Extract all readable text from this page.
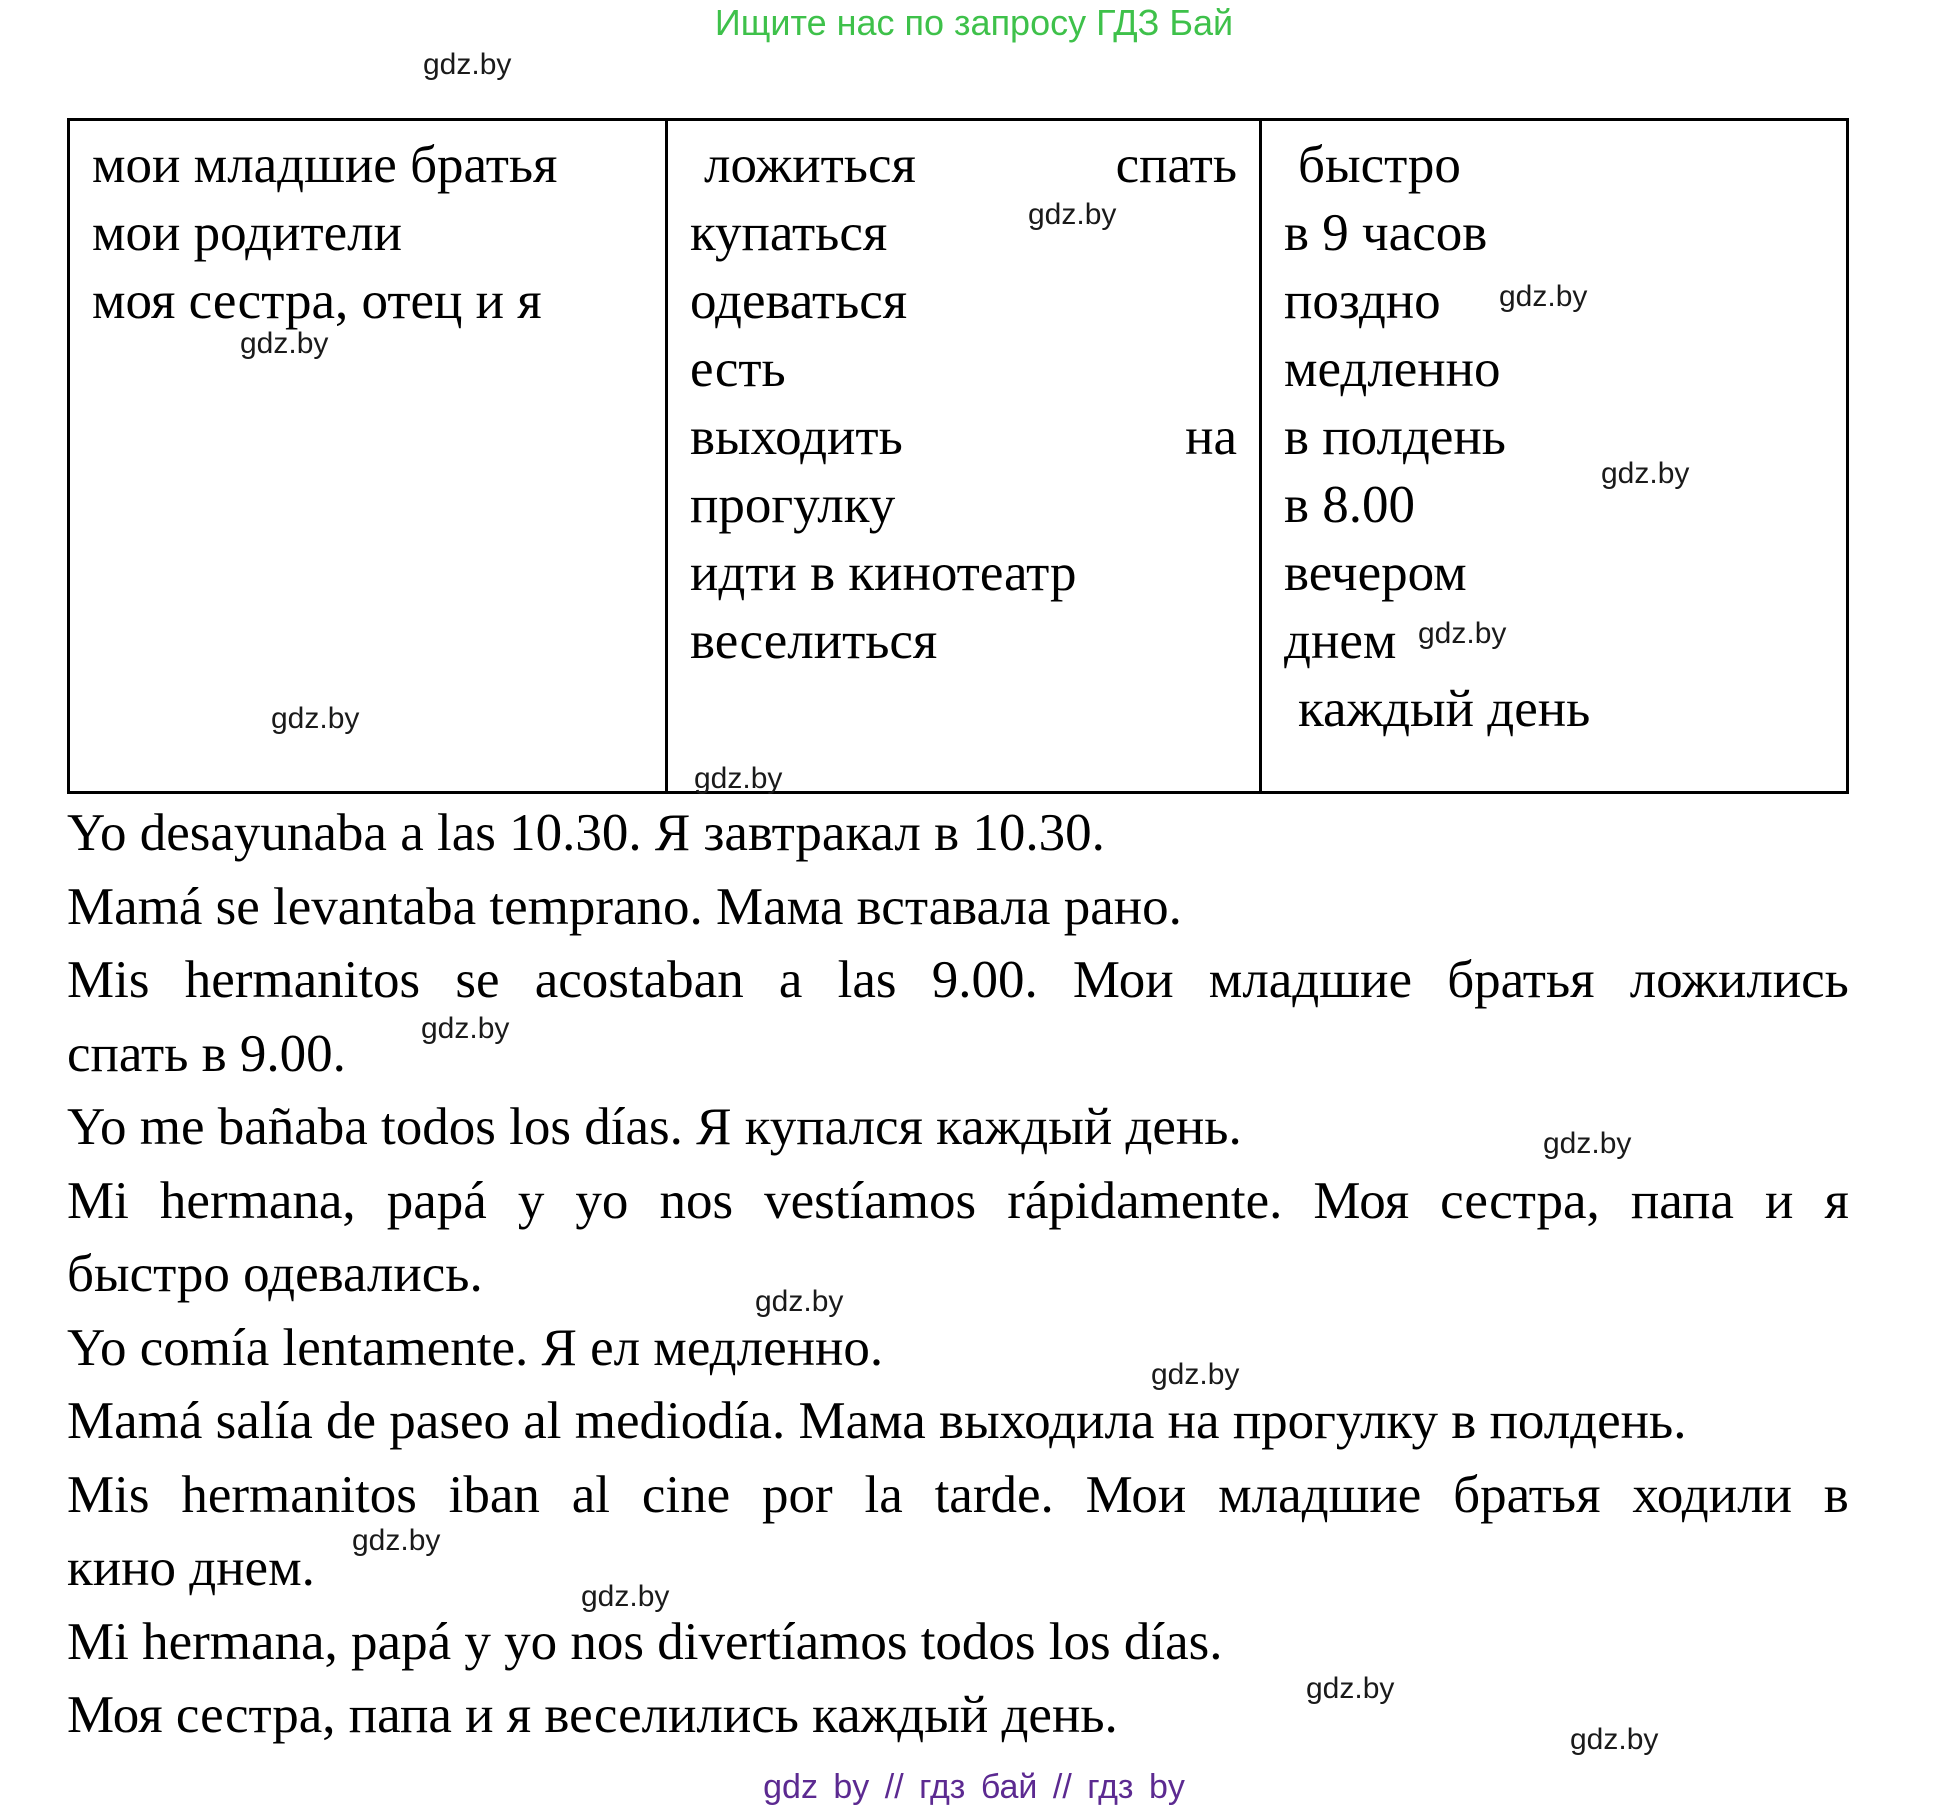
Ищите нас по запросу ГДЗ Бай
мои младшие братья
мои родители
моя сестра, отец и я
ложиться	спать
купаться
одеваться
есть
выходить	на
прогулку
идти в кинотеатр
веселиться
быстро
в 9 часов
поздно
медленно
в полдень
в 8.00
вечером
днем
каждый день
Yo desayunaba a las 10.30. Я завтракал в 10.30.
Mamá se levantaba temprano. Мама вставала рано.
Mis hermanitos se acostaban a las 9.00. Мои младшие братья ложились
спать в 9.00.
Yo me bañaba todos los días. Я купался каждый день.
Mi hermana, papá y yo nos vestíamos rápidamente. Моя сестра, папа и я
быстро одевались.
Yo comía lentamente. Я ел медленно.
Mamá salía de paseo al mediodía. Мама выходила на прогулку в полдень.
Mis hermanitos iban al cine por la tarde. Мои младшие братья ходили в
кино днем.
Mi hermana, papá y yo nos divertíamos todos los días.
Моя сестра, папа и я веселились каждый день.
gdz.by
gdz.by
gdz.by
gdz.by
gdz.by
gdz.by
gdz.by
gdz.by
gdz.by
gdz.by
gdz.by
gdz.by
gdz.by
gdz.by
gdz.by
gdz.by
gdz by // гдз бай // гдз by
